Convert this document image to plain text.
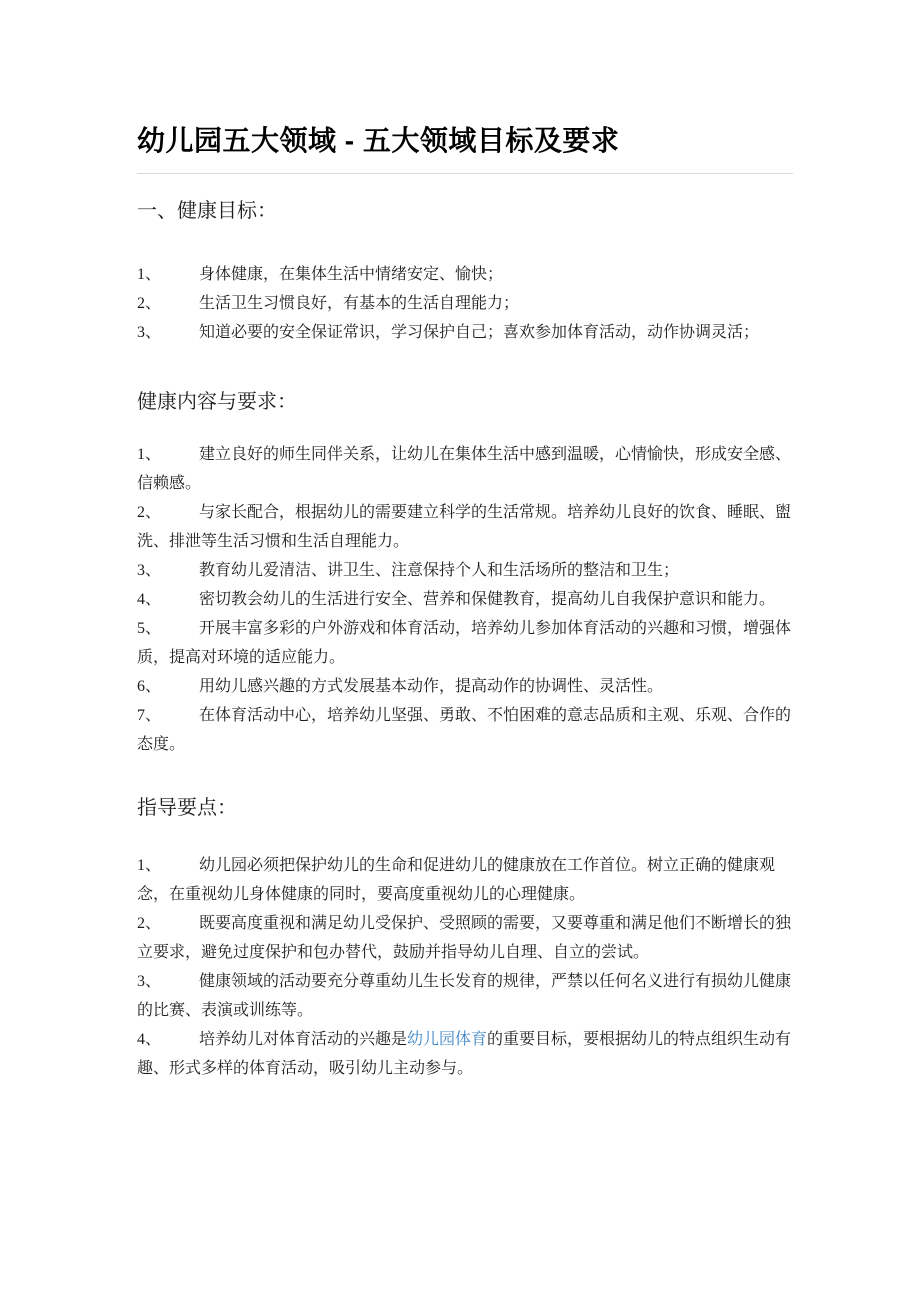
幼儿园五大领域 - 五大领域目标及要求
一、健康目标：

1、 身体健康，在集体生活中情绪安定、愉快；

2、 生活卫生习惯良好，有基本的生活自理能力；

3、 知道必要的安全保证常识，学习保护自己；喜欢参加体育活动，动作协调灵活；

健康内容与要求：

1、 建立良好的师生同伴关系，让幼儿在集体生活中感到温暖，心情愉快，形成安全感、信赖感。

2、 与家长配合，根据幼儿的需要建立科学的生活常规。培养幼儿良好的饮食、睡眠、盥洗、排泄等生活习惯和生活自理能力。

3、 教育幼儿爱清洁、讲卫生、注意保持个人和生活场所的整洁和卫生；

4、 密切教会幼儿的生活进行安全、营养和保健教育，提高幼儿自我保护意识和能力。

5、 开展丰富多彩的户外游戏和体育活动，培养幼儿参加体育活动的兴趣和习惯，增强体质，提高对环境的适应能力。

6、 用幼儿感兴趣的方式发展基本动作，提高动作的协调性、灵活性。

7、 在体育活动中心，培养幼儿坚强、勇敢、不怕困难的意志品质和主观、乐观、合作的态度。

指导要点：

1、 幼儿园必须把保护幼儿的生命和促进幼儿的健康放在工作首位。树立正确的健康观念，在重视幼儿身体健康的同时，要高度重视幼儿的心理健康。

2、 既要高度重视和满足幼儿受保护、受照顾的需要，又要尊重和满足他们不断增长的独立要求，避免过度保护和包办替代，鼓励并指导幼儿自理、自立的尝试。

3、 健康领域的活动要充分尊重幼儿生长发育的规律，严禁以任何名义进行有损幼儿健康的比赛、表演或训练等。

4、 培养幼儿对体育活动的兴趣是幼儿园体育的重要目标，要根据幼儿的特点组织生动有趣、形式多样的体育活动，吸引幼儿主动参与。
